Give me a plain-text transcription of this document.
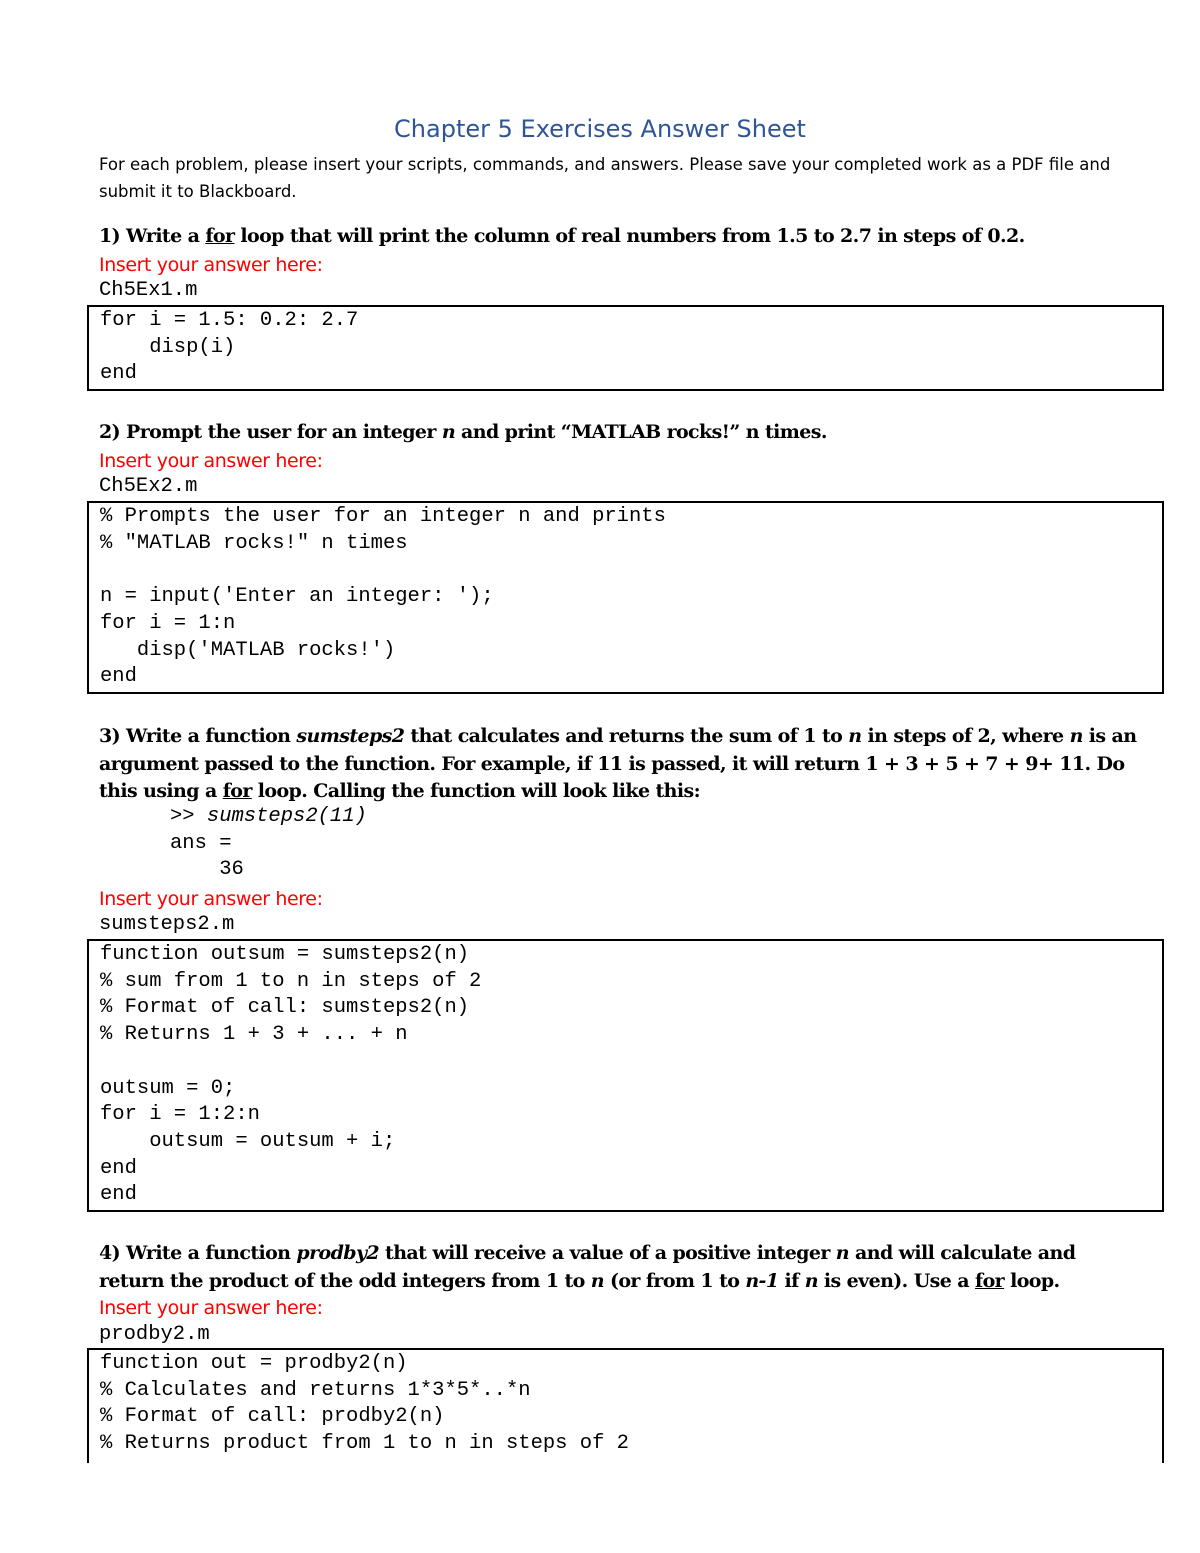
Chapter 5 Exercises Answer Sheet
For each problem, please insert your scripts, commands, and answers. Please save your completed work as a PDF file and submit it to Blackboard.
1) Write a for loop that will print the column of real numbers from 1.5 to 2.7 in steps of 0.2.
Insert your answer here:
Ch5Ex1.m
for i = 1.5: 0.2: 2.7
disp(i)
end
2) Prompt the user for an integer n and print “MATLAB rocks!” n times.
Insert your answer here:
Ch5Ex2.m
% Prompts the user for an integer n and prints
% "MATLAB rocks!" n times

n = input('Enter an integer: ');
for i = 1:n
disp('MATLAB rocks!')
end
3) Write a function sumsteps2 that calculates and returns the sum of 1 to n in steps of 2, where n is an argument passed to the function. For example, if 11 is passed, it will return 1 + 3 + 5 + 7 + 9+ 11. Do this using a for loop. Calling the function will look like this:
>> sumsteps2(11)
ans =
36
Insert your answer here:
sumsteps2.m
function outsum = sumsteps2(n)
% sum from 1 to n in steps of 2
% Format of call: sumsteps2(n)
% Returns 1 + 3 + ... + n

outsum = 0;
for i = 1:2:n
outsum = outsum + i;
end
end
4) Write a function prodby2 that will receive a value of a positive integer n and will calculate and return the product of the odd integers from 1 to n (or from 1 to n-1 if n is even). Use a for loop.
Insert your answer here:
prodby2.m
function out = prodby2(n)
% Calculates and returns 1*3*5*..*n
% Format of call: prodby2(n)
% Returns product from 1 to n in steps of 2
